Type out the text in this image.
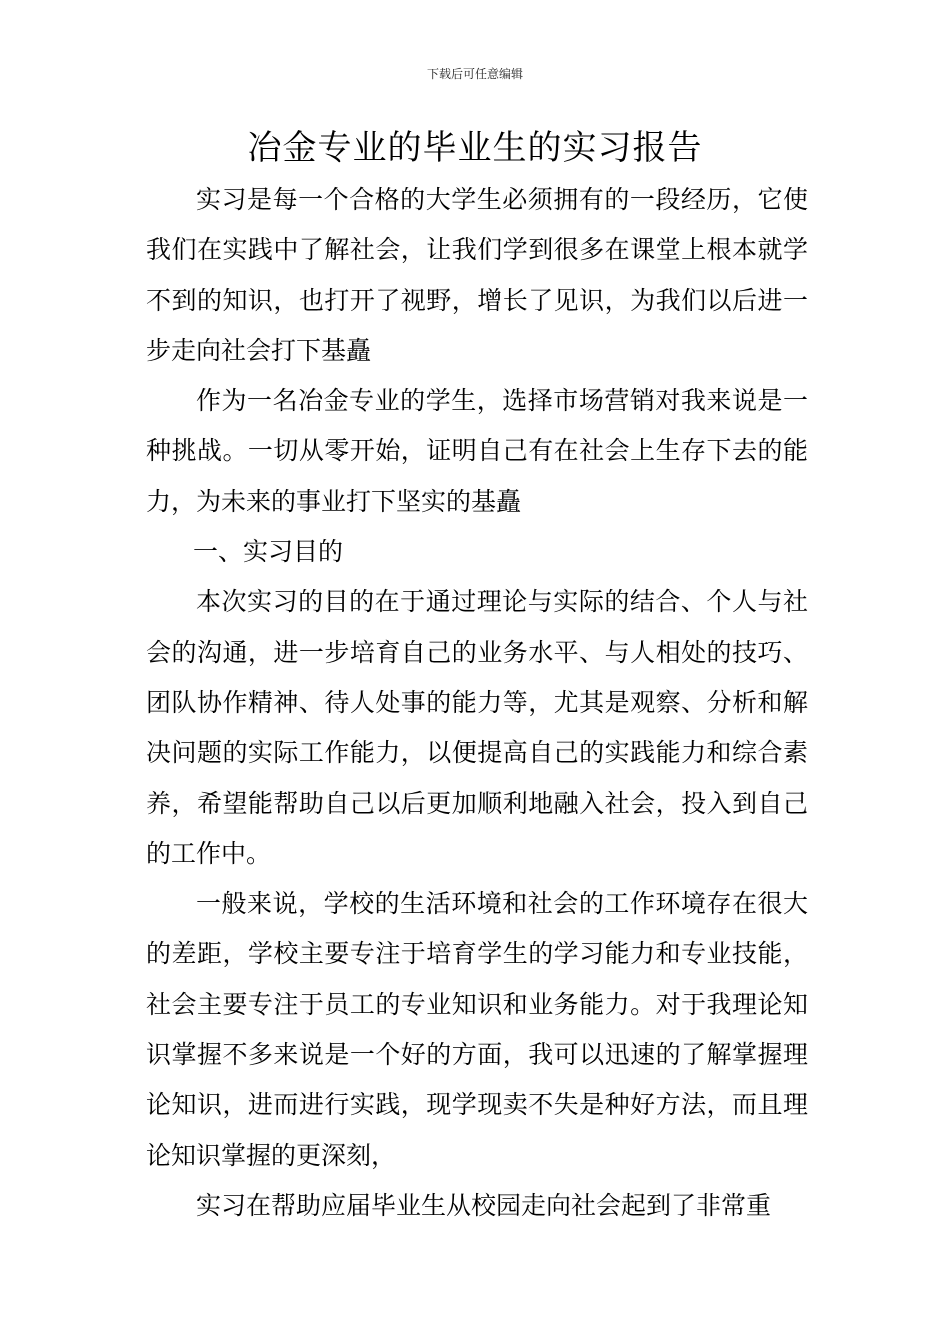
下载后可任意编辑
冶金专业的毕业生的实习报告

实习是每一个合格的大学生必须拥有的一段经历，它使我们在实践中了解社会，让我们学到很多在课堂上根本就学不到的知识，也打开了视野，增长了见识，为我们以后进一步走向社会打下基矗

作为一名冶金专业的学生，选择市场营销对我来说是一种挑战。一切从零开始，证明自己有在社会上生存下去的能力，为未来的事业打下坚实的基矗

一、实习目的

本次实习的目的在于通过理论与实际的结合、个人与社会的沟通，进一步培育自己的业务水平、与人相处的技巧、团队协作精神、待人处事的能力等，尤其是观察、分析和解决问题的实际工作能力，以便提高自己的实践能力和综合素养，希望能帮助自己以后更加顺利地融入社会，投入到自己的工作中。

一般来说，学校的生活环境和社会的工作环境存在很大的差距，学校主要专注于培育学生的学习能力和专业技能，社会主要专注于员工的专业知识和业务能力。对于我理论知识掌握不多来说是一个好的方面，我可以迅速的了解掌握理论知识，进而进行实践，现学现卖不失是种好方法，而且理论知识掌握的更深刻，

实习在帮助应届毕业生从校园走向社会起到了非常重
